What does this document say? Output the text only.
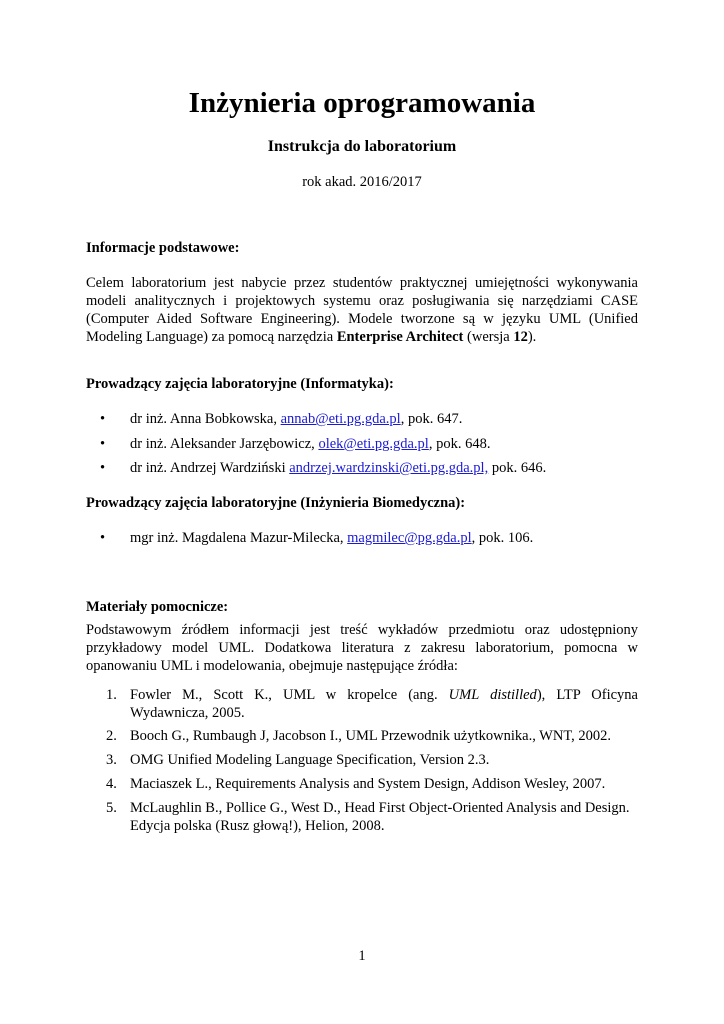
Inżynieria oprogramowania
Instrukcja do laboratorium
rok akad. 2016/2017
Informacje podstawowe:
Celem laboratorium jest nabycie przez studentów praktycznej umiejętności wykonywania
modeli analitycznych i projektowych systemu oraz posługiwania się narzędziami CASE
(Computer Aided Software Engineering). Modele tworzone są w języku UML (Unified
Modeling Language) za pomocą narzędzia Enterprise Architect (wersja 12).
Prowadzący zajęcia laboratoryjne (Informatyka):
• dr inż. Anna Bobkowska, annab@eti.pg.gda.pl, pok. 647.
• dr inż. Aleksander Jarzębowicz, olek@eti.pg.gda.pl, pok. 648.
• dr inż. Andrzej Wardziński andrzej.wardzinski@eti.pg.gda.pl, pok. 646.
Prowadzący zajęcia laboratoryjne (Inżynieria Biomedyczna):
• mgr inż. Magdalena Mazur-Milecka, magmilec@pg.gda.pl, pok. 106.
Materiały pomocnicze:
Podstawowym źródłem informacji jest treść wykładów przedmiotu oraz udostępniony
przykładowy model UML. Dodatkowa literatura z zakresu laboratorium, pomocna w
opanowaniu UML i modelowania, obejmuje następujące źródła:
1. Fowler M., Scott K., UML w kropelce (ang. UML distilled), LTP Oficyna
Wydawnicza, 2005.
2. Booch G., Rumbaugh J, Jacobson I., UML Przewodnik użytkownika., WNT, 2002.
3. OMG Unified Modeling Language Specification, Version 2.3.
4. Maciaszek L., Requirements Analysis and System Design, Addison Wesley, 2007.
5. McLaughlin B., Pollice G., West D., Head First Object-Oriented Analysis and Design.
Edycja polska (Rusz głową!), Helion, 2008.
1
